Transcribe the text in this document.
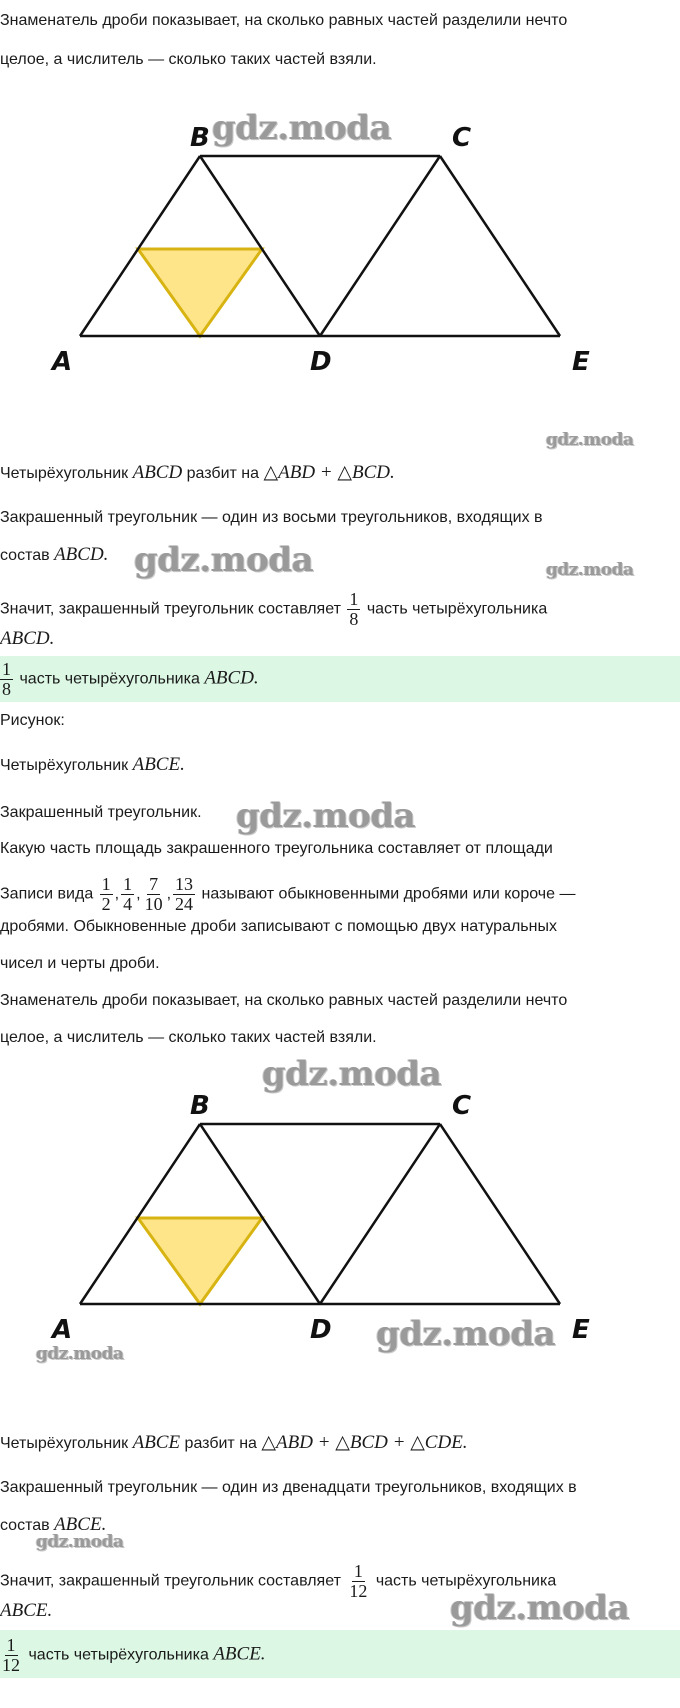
Знаменатель дроби показывает, на сколько равных частей разделили нечто
целое, а числитель — сколько таких частей взяли.
B	C
A	D	E
gdz.moda
gdz.moda
Четырёхугольник ABCD разбит на △ABD + △BCD.
Закрашенный треугольник — один из восьми треугольников, входящих в
состав ABCD. gdz.moda	gdz.moda
Значит, закрашенный треугольник составляет $\frac{1}{8}$ часть четырёхугольника
ABCD.
$\frac{1}{8}$ часть четырёхугольника ABCD.
Рисунок:
Четырёхугольник ABCE.
Закрашенный треугольник. gdz.moda
Какую часть площадь закрашенного треугольника составляет от площади
Записи вида $\frac{1}{2}$ , $\frac{1}{4}$ , $\frac{7}{10}$ , $\frac{13}{24}$ называют обыкновенными дробями или короче —
дробями. Обыкновенные дроби записывают с помощью двух натуральных
чисел и черты дроби.
Знаменатель дроби показывает, на сколько равных частей разделили нечто
целое, а числитель — сколько таких частей взяли.
gdz.moda
B	C
A	D	E
gdz.moda
gdz.moda
Четырёхугольник ABCE разбит на △ABD + △BCD + △CDE.
Закрашенный треугольник — один из двенадцати треугольников, входящих в
состав ABCE.
gdz.moda
Значит, закрашенный треугольник составляет $\frac{1}{12}$ часть четырёхугольника
ABCE.	gdz.moda
$\frac{1}{12}$ часть четырёхугольника ABCE.
